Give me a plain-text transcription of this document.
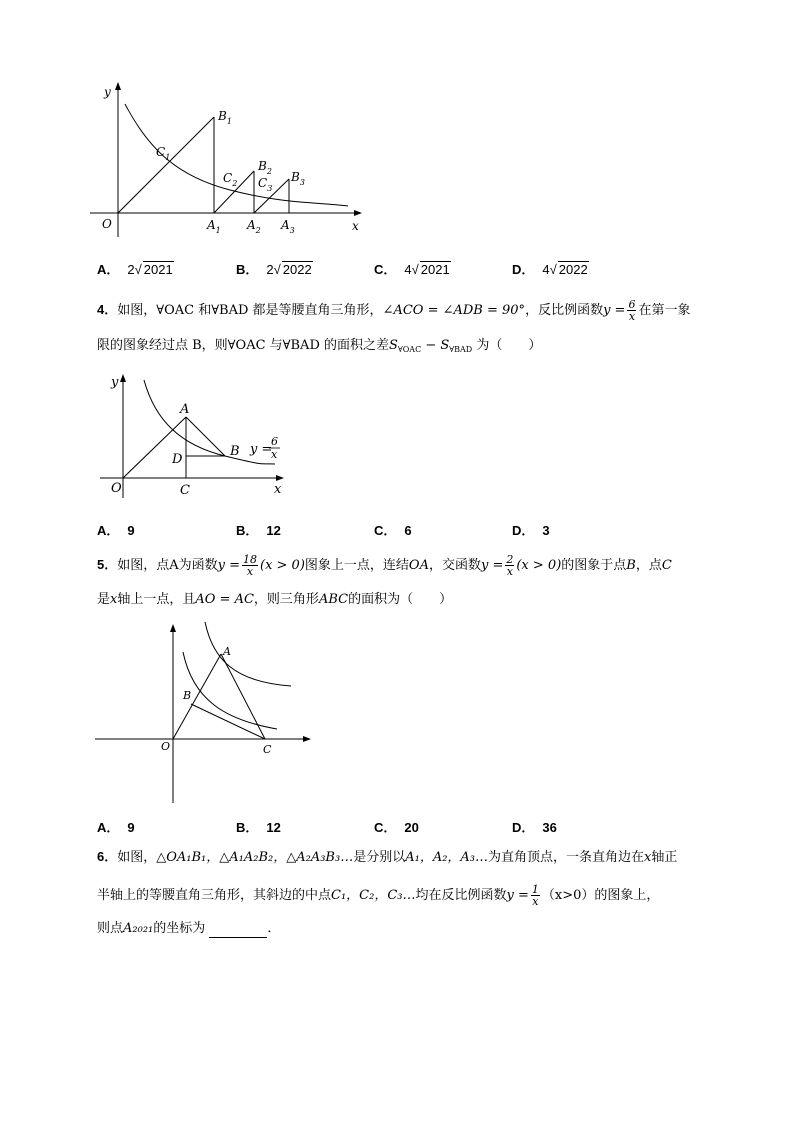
y
x
O
$B_1$
$C_1$
$C_2$
$B_2$
$C_3$
$B_3$
$A_1$ $A_2$ $A_3$
A． 2√ 2021	B． 2√ 2022	C． 4√ 2021	D． 4√ 2022
4．如图，∀OAC 和∀BAD 都是等腰直角三角形，∠ACO = ∠ADB = 90°，反比例函数$y = \frac{6}{x}$ 在第一象
限的图象经过点 B，则∀OAC 与∀BAD 的面积之差$S_{\forall OAC} - S_{\forall BAD}$ 为（　　）
y
x
O
A
B
C
D
y =
6
x
A． 9	B． 12	C． 6	D． 3
5．如图，点A为函数$y = \frac{18}{x} (x > 0)$图象上一点，连结OA，交函数$y = \frac{2}{x} (x > 0)$的图象于点B，点C
是x轴上一点，且AO = AC，则三角形ABC的面积为（　　）
A
B
O	C
A． 9	B． 12	C． 20	D． 36
6．如图，△OA₁B₁，△A₁A₂B₂，△A₂A₃B₃…是分别以A₁，A₂，A₃…为直角顶点，一条直角边在x轴正
半轴上的等腰直角三角形，其斜边的中点C₁，C₂，C₃…均在反比例函数$y = \frac{1}{x} (x>0)$的图象上，
则点A₂₀₂₁的坐标为	．
